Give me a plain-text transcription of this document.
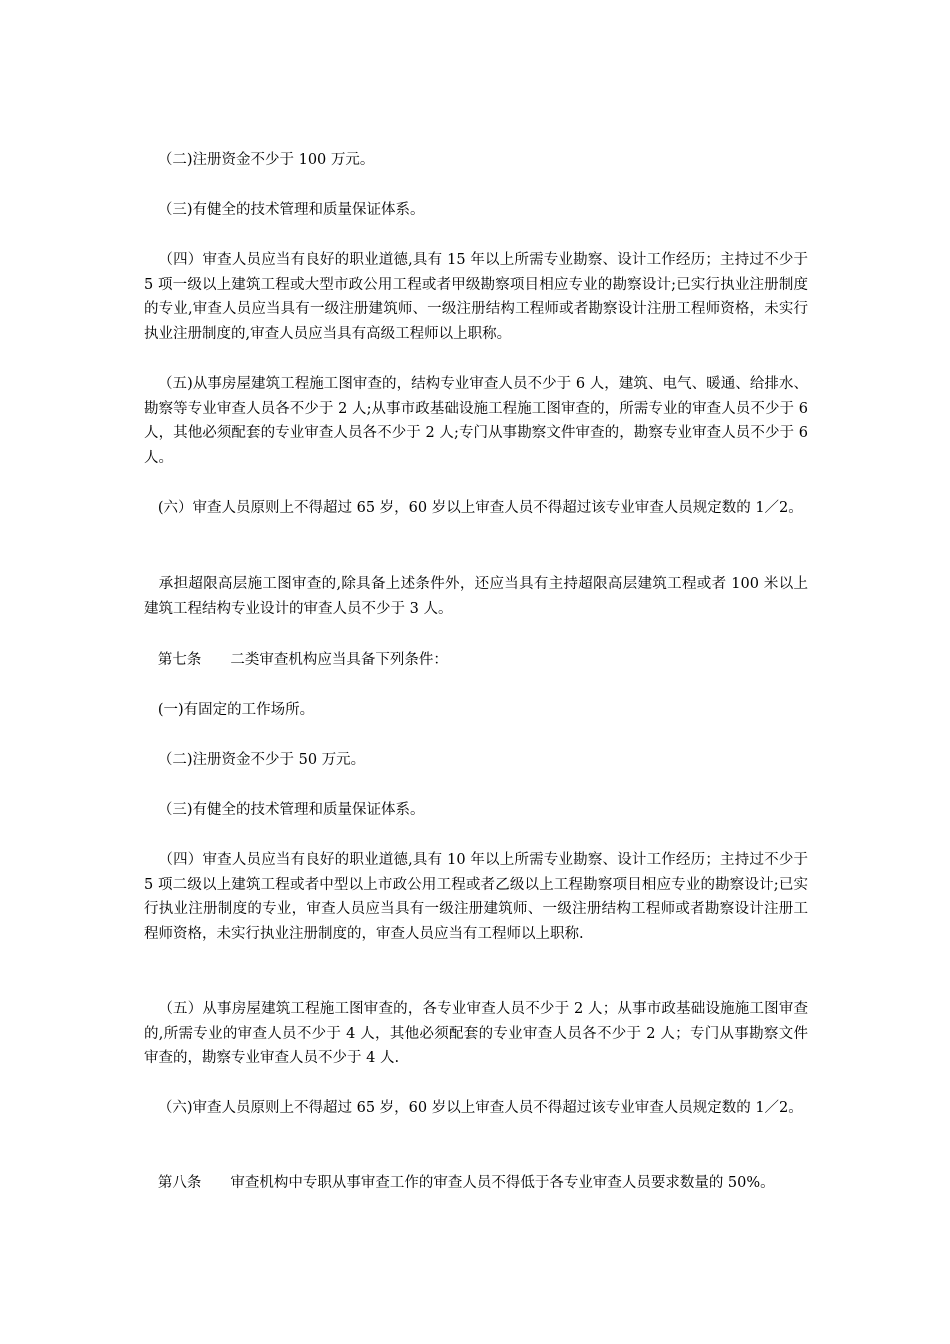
（二)注册资金不少于 100 万元。

（三)有健全的技术管理和质量保证体系。

（四）审查人员应当有良好的职业道德,具有 15 年以上所需专业勘察、设计工作经历；主持过不少于 5 项一级以上建筑工程或大型市政公用工程或者甲级勘察项目相应专业的勘察设计;已实行执业注册制度的专业,审查人员应当具有一级注册建筑师、一级注册结构工程师或者勘察设计注册工程师资格，未实行执业注册制度的,审查人员应当具有高级工程师以上职称。

（五)从事房屋建筑工程施工图审查的，结构专业审查人员不少于 6 人，建筑、电气、暖通、给排水、勘察等专业审查人员各不少于 2 人;从事市政基础设施工程施工图审查的，所需专业的审查人员不少于 6 人，其他必须配套的专业审查人员各不少于 2 人;专门从事勘察文件审查的，勘察专业审查人员不少于 6 人。

(六）审查人员原则上不得超过 65 岁，60 岁以上审查人员不得超过该专业审查人员规定数的 1／2。

承担超限高层施工图审查的,除具备上述条件外，还应当具有主持超限高层建筑工程或者 100 米以上建筑工程结构专业设计的审查人员不少于 3 人。

第七条　　二类审查机构应当具备下列条件：

(一)有固定的工作场所。

（二)注册资金不少于 50 万元。

（三)有健全的技术管理和质量保证体系。

（四）审查人员应当有良好的职业道德,具有 10 年以上所需专业勘察、设计工作经历；主持过不少于 5 项二级以上建筑工程或者中型以上市政公用工程或者乙级以上工程勘察项目相应专业的勘察设计;已实行执业注册制度的专业，审查人员应当具有一级注册建筑师、一级注册结构工程师或者勘察设计注册工程师资格，未实行执业注册制度的，审查人员应当有工程师以上职称.

（五）从事房屋建筑工程施工图审查的，各专业审查人员不少于 2 人；从事市政基础设施施工图审查的,所需专业的审查人员不少于 4 人，其他必须配套的专业审查人员各不少于 2 人；专门从事勘察文件审查的，勘察专业审查人员不少于 4 人.

（六)审查人员原则上不得超过 65 岁，60 岁以上审查人员不得超过该专业审查人员规定数的 1／2。

第八条　　审查机构中专职从事审查工作的审查人员不得低于各专业审查人员要求数量的 50%。
